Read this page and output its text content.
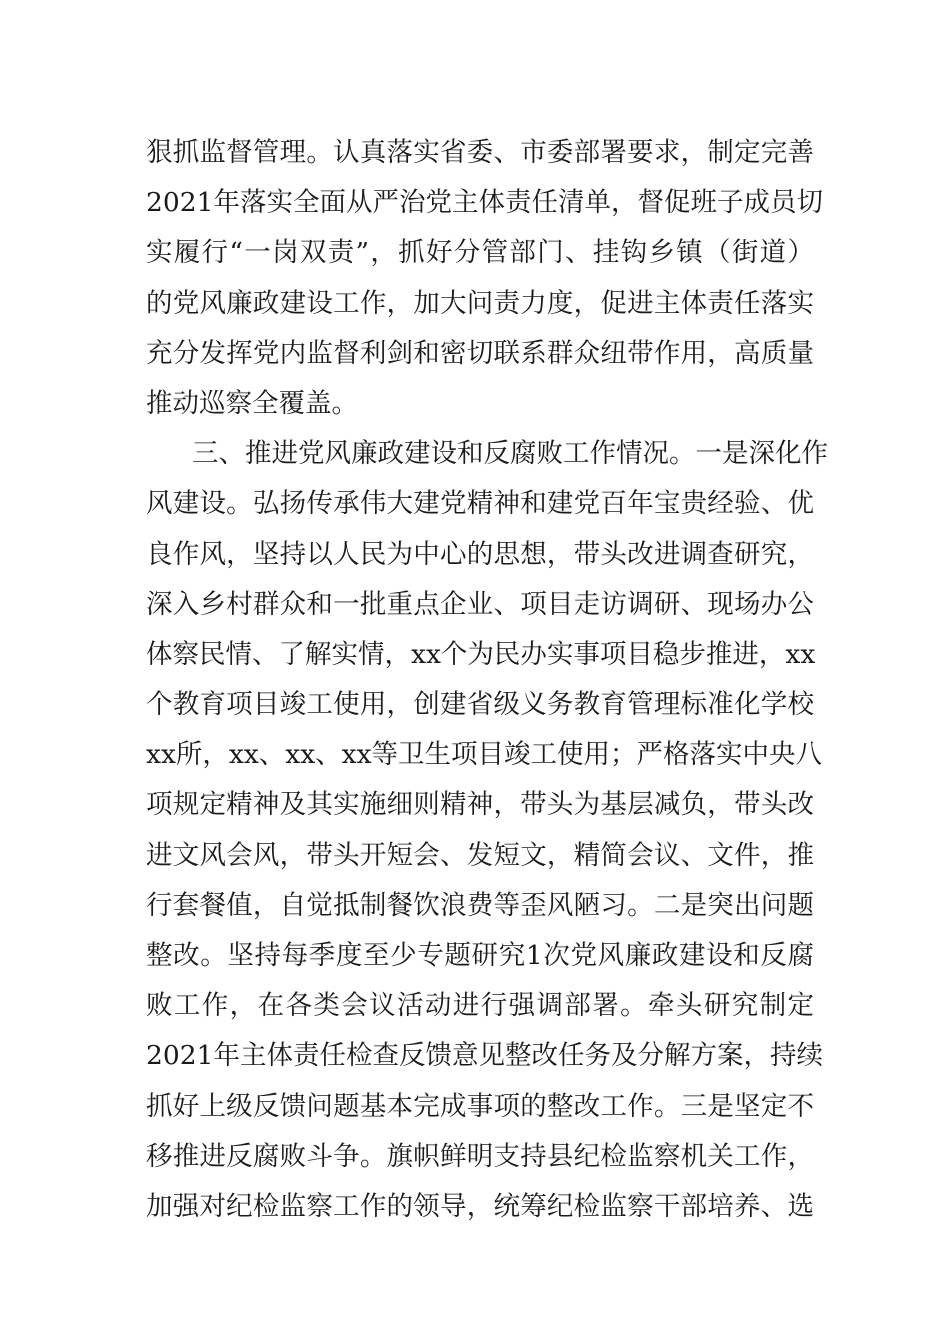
狠抓监督管理。认真落实省委、市委部署要求，制定完善
2021年落实全面从严治党主体责任清单，督促班子成员切
实履行“一岗双责”，抓好分管部门、挂钩乡镇（街道）
的党风廉政建设工作，加大问责力度，促进主体责任落实
充分发挥党内监督利剑和密切联系群众纽带作用，高质量
推动巡察全覆盖。
三、推进党风廉政建设和反腐败工作情况。一是深化作
风建设。弘扬传承伟大建党精神和建党百年宝贵经验、优
良作风，坚持以人民为中心的思想，带头改进调查研究，
深入乡村群众和一批重点企业、项目走访调研、现场办公
体察民情、了解实情，xx个为民办实事项目稳步推进，xx
个教育项目竣工使用，创建省级义务教育管理标准化学校
xx所，xx、xx、xx等卫生项目竣工使用；严格落实中央八
项规定精神及其实施细则精神，带头为基层减负，带头改
进文风会风，带头开短会、发短文，精简会议、文件，推
行套餐值，自觉抵制餐饮浪费等歪风陋习。二是突出问题
整改。坚持每季度至少专题研究1次党风廉政建设和反腐
败工作，在各类会议活动进行强调部署。牵头研究制定
2021年主体责任检查反馈意见整改任务及分解方案，持续
抓好上级反馈问题基本完成事项的整改工作。三是坚定不
移推进反腐败斗争。旗帜鲜明支持县纪检监察机关工作，
加强对纪检监察工作的领导，统筹纪检监察干部培养、选
